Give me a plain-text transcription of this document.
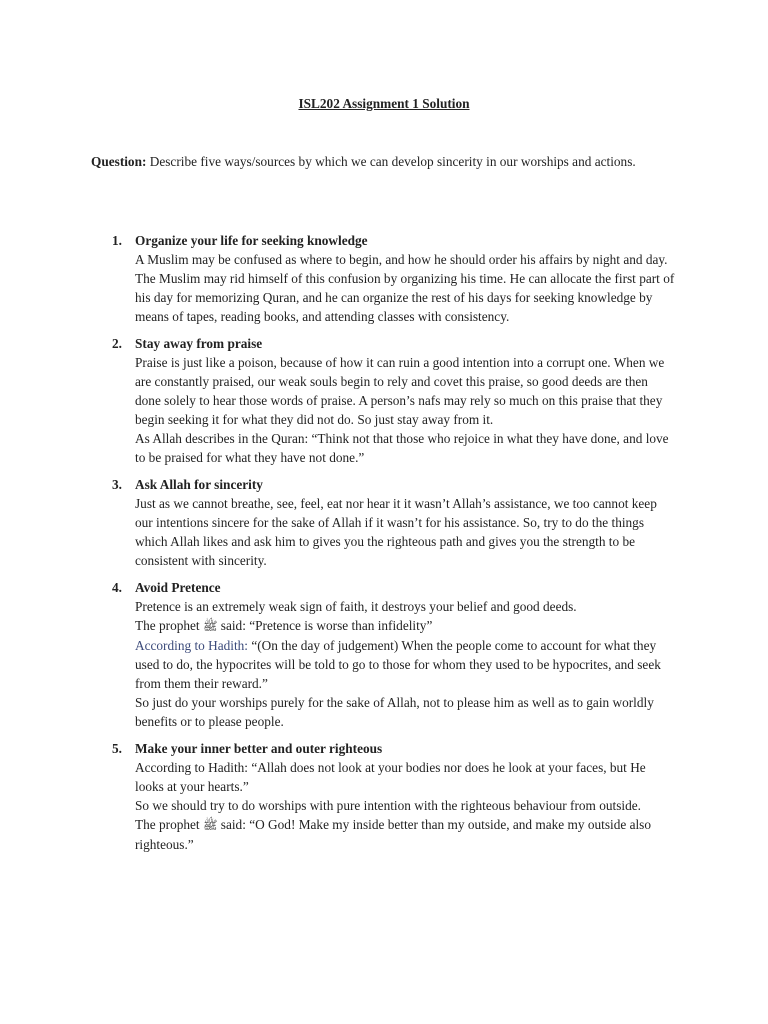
ISL202 Assignment 1 Solution
Question: Describe five ways/sources by which we can develop sincerity in our worships and actions.
1. Organize your life for seeking knowledge

A Muslim may be confused as where to begin, and how he should order his affairs by night and day. The Muslim may rid himself of this confusion by organizing his time. He can allocate the first part of his day for memorizing Quran, and he can organize the rest of his days for seeking knowledge by means of tapes, reading books, and attending classes with consistency.

2. Stay away from praise

Praise is just like a poison, because of how it can ruin a good intention into a corrupt one. When we are constantly praised, our weak souls begin to rely and covet this praise, so good deeds are then done solely to hear those words of praise. A person’s nafs may rely so much on this praise that they begin seeking it for what they did not do. So just stay away from it.

As Allah describes in the Quran: “Think not that those who rejoice in what they have done, and love to be praised for what they have not done.”

3. Ask Allah for sincerity

Just as we cannot breathe, see, feel, eat nor hear it it wasn’t Allah’s assistance, we too cannot keep our intentions sincere for the sake of Allah if it wasn’t for his assistance. So, try to do the things which Allah likes and ask him to gives you the righteous path and gives you the strength to be consistent with sincerity.

4. Avoid Pretence

Pretence is an extremely weak sign of faith, it destroys your belief and good deeds.

The prophet ﷺ said: “Pretence is worse than infidelity”

According to Hadith: “(On the day of judgement) When the people come to account for what they used to do, the hypocrites will be told to go to those for whom they used to be hypocrites, and seek from them their reward.”

So just do your worships purely for the sake of Allah, not to please him as well as to gain worldly benefits or to please people.

5. Make your inner better and outer righteous

According to Hadith: “Allah does not look at your bodies nor does he look at your faces, but He looks at your hearts.”

So we should try to do worships with pure intention with the righteous behaviour from outside.

The prophet ﷺ said: “O God! Make my inside better than my outside, and make my outside also righteous.”
